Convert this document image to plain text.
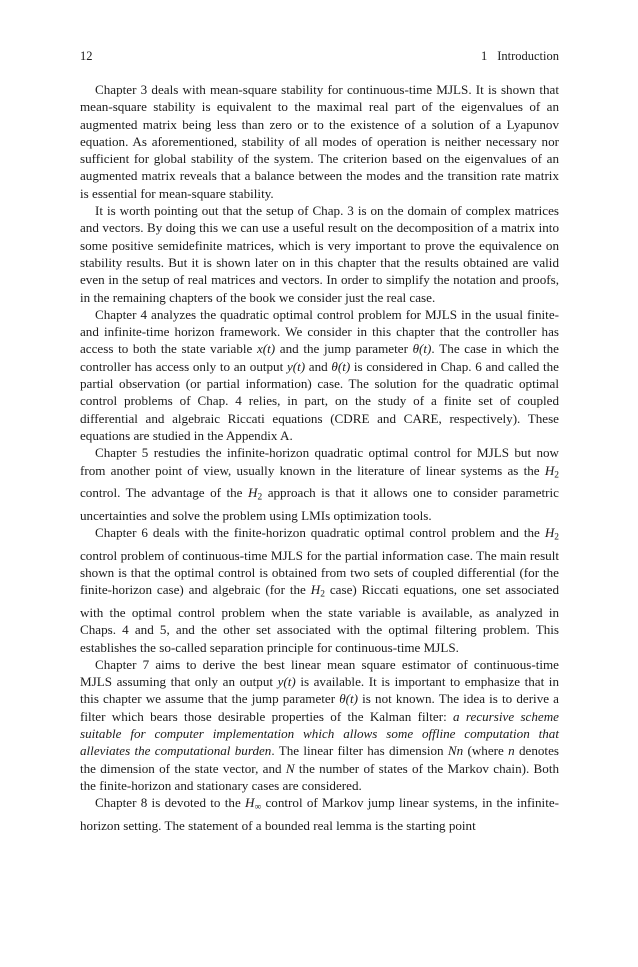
12	1 Introduction

Chapter 3 deals with mean-square stability for continuous-time MJLS. It is shown that mean-square stability is equivalent to the maximal real part of the eigenvalues of an augmented matrix being less than zero or to the existence of a solution of a Lyapunov equation. As aforementioned, stability of all modes of operation is neither necessary nor sufficient for global stability of the system. The criterion based on the eigenvalues of an augmented matrix reveals that a balance between the modes and the transition rate matrix is essential for mean-square stability.

It is worth pointing out that the setup of Chap. 3 is on the domain of complex matrices and vectors. By doing this we can use a useful result on the decomposition of a matrix into some positive semidefinite matrices, which is very important to prove the equivalence on stability results. But it is shown later on in this chapter that the results obtained are valid even in the setup of real matrices and vectors. In order to simplify the notation and proofs, in the remaining chapters of the book we consider just the real case.

Chapter 4 analyzes the quadratic optimal control problem for MJLS in the usual finite- and infinite-time horizon framework. We consider in this chapter that the controller has access to both the state variable x(t) and the jump parameter θ(t). The case in which the controller has access only to an output y(t) and θ(t) is considered in Chap. 6 and called the partial observation (or partial information) case. The solution for the quadratic optimal control problems of Chap. 4 relies, in part, on the study of a finite set of coupled differential and algebraic Riccati equations (CDRE and CARE, respectively). These equations are studied in the Appendix A.

Chapter 5 restudies the infinite-horizon quadratic optimal control for MJLS but now from another point of view, usually known in the literature of linear systems as the $H_2$ control. The advantage of the $H_2$ approach is that it allows one to consider parametric uncertainties and solve the problem using LMIs optimization tools.

Chapter 6 deals with the finite-horizon quadratic optimal control problem and the $H_2$ control problem of continuous-time MJLS for the partial information case. The main result shown is that the optimal control is obtained from two sets of coupled differential (for the finite-horizon case) and algebraic (for the $H_2$ case) Riccati equations, one set associated with the optimal control problem when the state variable is available, as analyzed in Chaps. 4 and 5, and the other set associated with the optimal filtering problem. This establishes the so-called separation principle for continuous-time MJLS.

Chapter 7 aims to derive the best linear mean square estimator of continuous-time MJLS assuming that only an output y(t) is available. It is important to emphasize that in this chapter we assume that the jump parameter θ(t) is not known. The idea is to derive a filter which bears those desirable properties of the Kalman filter: a recursive scheme suitable for computer implementation which allows some offline computation that alleviates the computational burden. The linear filter has dimension Nn (where n denotes the dimension of the state vector, and N the number of states of the Markov chain). Both the finite-horizon and stationary cases are considered.

Chapter 8 is devoted to the $H_\infty$ control of Markov jump linear systems, in the infinite-horizon setting. The statement of a bounded real lemma is the starting point
